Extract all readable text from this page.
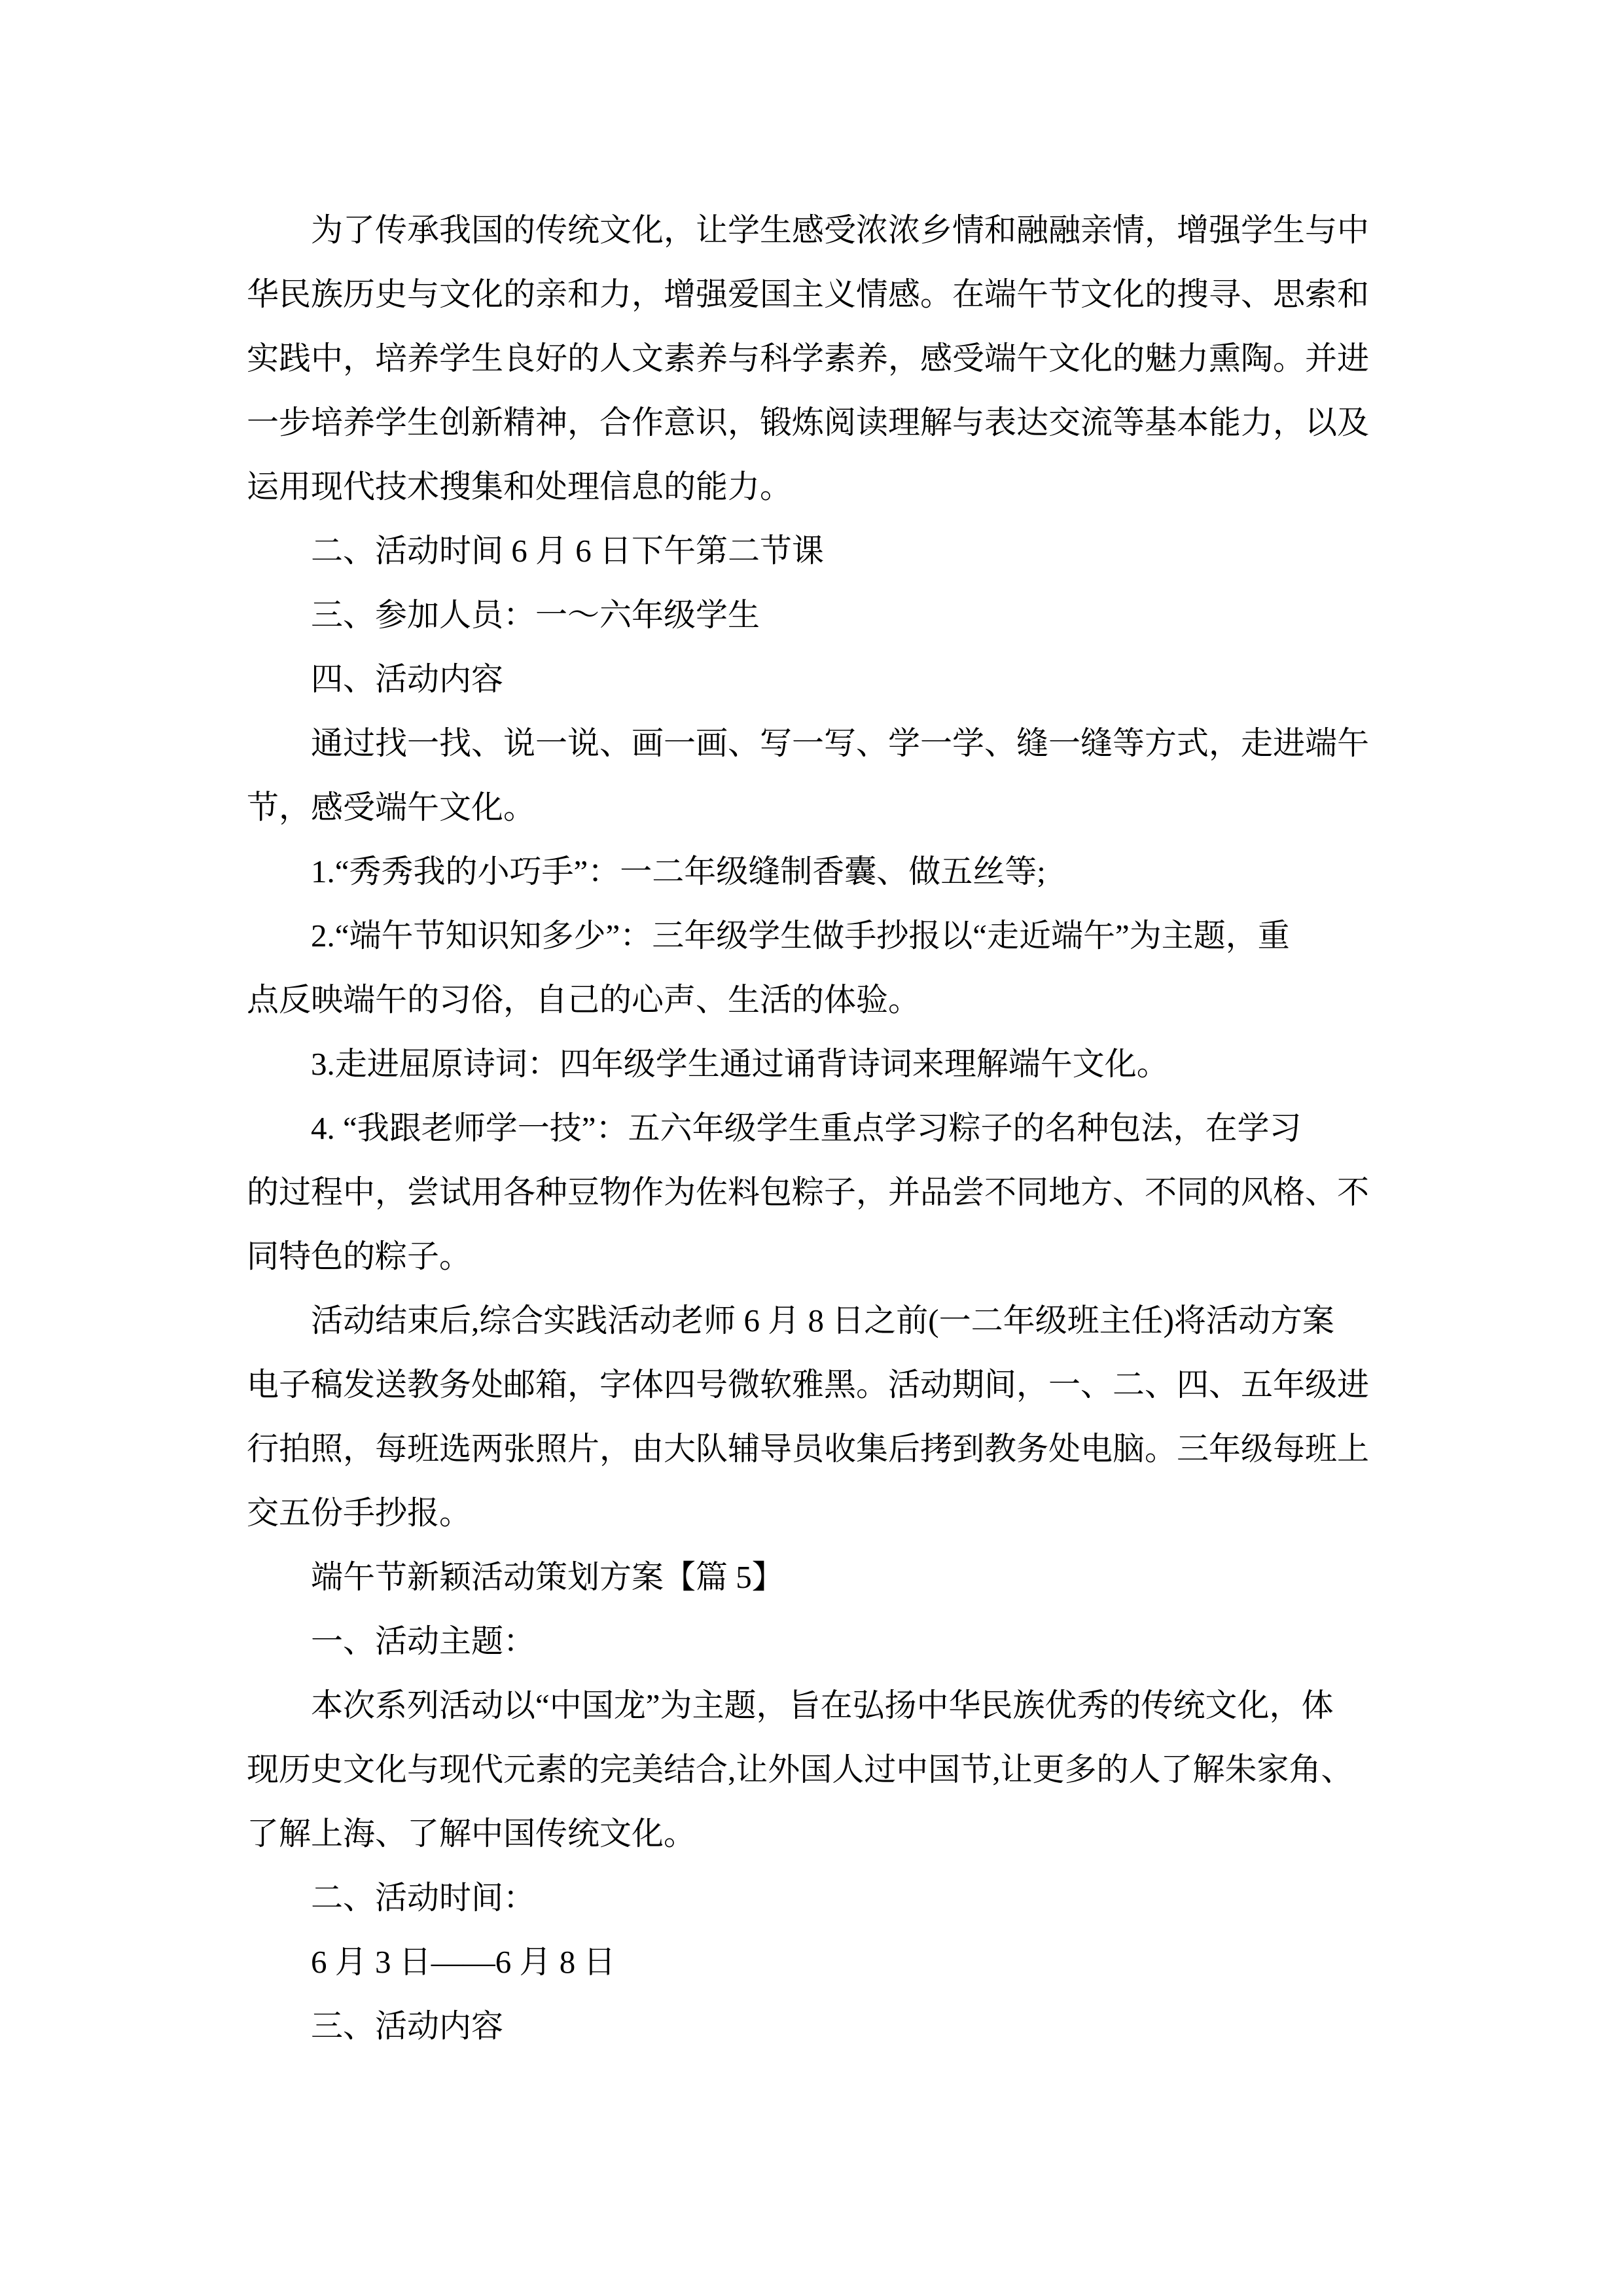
为了传承我国的传统文化，让学生感受浓浓乡情和融融亲情，增强学生与中
华民族历史与文化的亲和力，增强爱国主义情感。在端午节文化的搜寻、思索和
实践中，培养学生良好的人文素养与科学素养，感受端午文化的魅力熏陶。并进
一步培养学生创新精神，合作意识，锻炼阅读理解与表达交流等基本能力，以及
运用现代技术搜集和处理信息的能力。
二、活动时间 6 月 6 日下午第二节课
三、参加人员：一～六年级学生
四、活动内容
通过找一找、说一说、画一画、写一写、学一学、缝一缝等方式，走进端午
节，感受端午文化。
1.“秀秀我的小巧手”：一二年级缝制香囊、做五丝等;
2.“端午节知识知多少”：三年级学生做手抄报以“走近端午”为主题，重
点反映端午的习俗，自己的心声、生活的体验。
3.走进屈原诗词：四年级学生通过诵背诗词来理解端午文化。
4. “我跟老师学一技”：五六年级学生重点学习粽子的名种包法，在学习
的过程中，尝试用各种豆物作为佐料包粽子，并品尝不同地方、不同的风格、不
同特色的粽子。
活动结束后,综合实践活动老师 6 月 8 日之前(一二年级班主任)将活动方案
电子稿发送教务处邮箱，字体四号微软雅黑。活动期间，一、二、四、五年级进
行拍照，每班选两张照片，由大队辅导员收集后拷到教务处电脑。三年级每班上
交五份手抄报。
端午节新颖活动策划方案【篇 5】
一、活动主题：
本次系列活动以“中国龙”为主题，旨在弘扬中华民族优秀的传统文化，体
现历史文化与现代元素的完美结合,让外国人过中国节,让更多的人了解朱家角、
了解上海、了解中国传统文化。
二、活动时间：
6 月 3 日——6 月 8 日
三、活动内容
